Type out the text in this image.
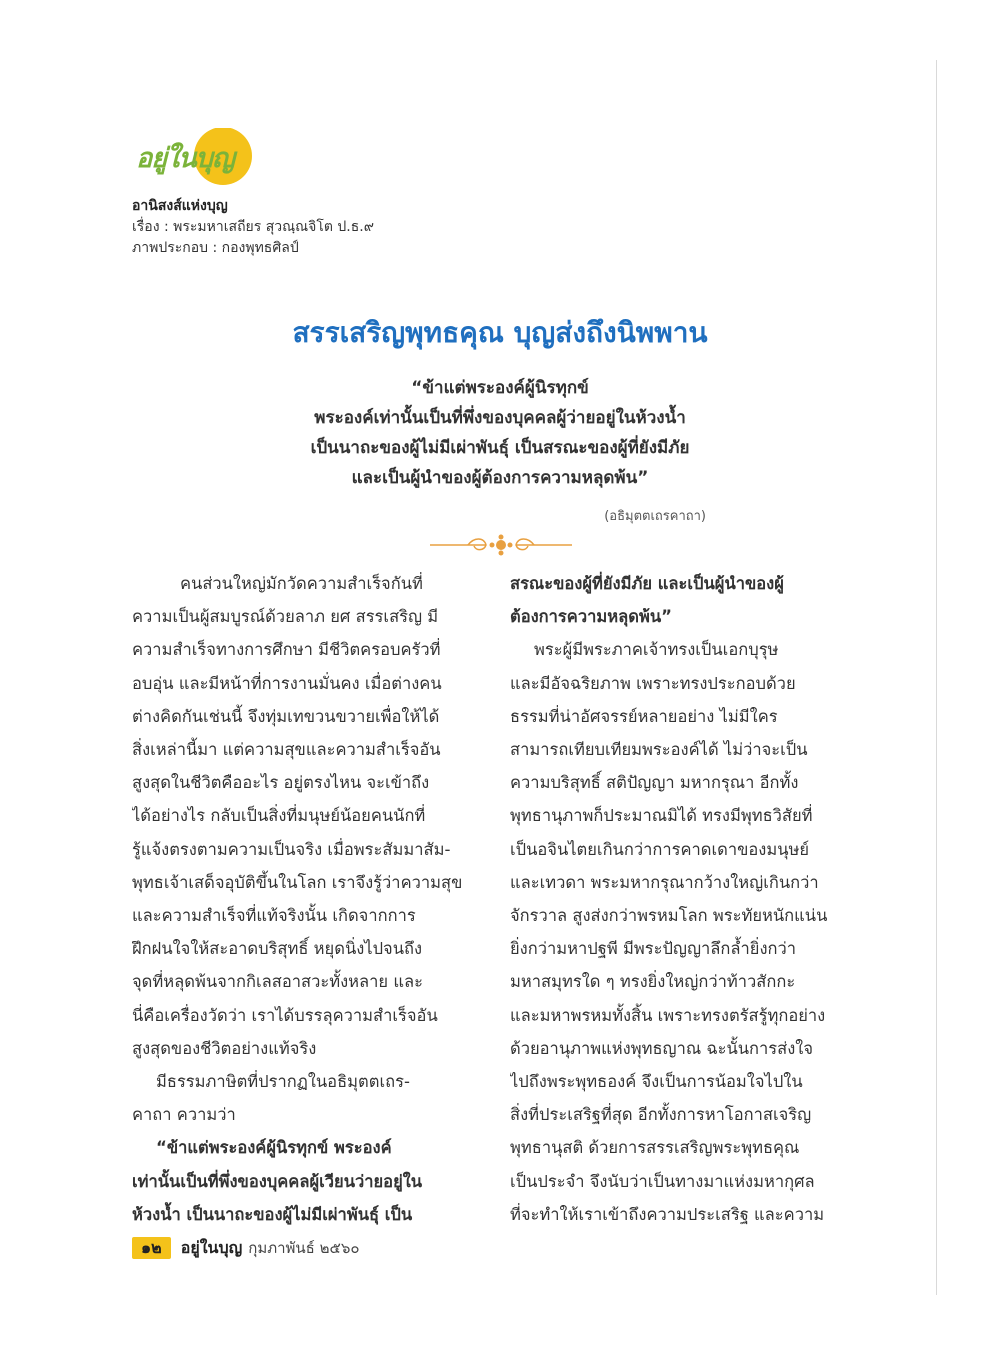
อยู่ในบุญ
อานิสงส์แห่งบุญ
เรื่อง : พระมหาเสถียร สุวณฺณจิโต ป.ธ.๙
ภาพประกอบ : กองพุทธศิลป์
สรรเสริญพุทธคุณ บุญส่งถึงนิพพาน
“ข้าแต่พระองค์ผู้นิรทุกข์
พระองค์เท่านั้นเป็นที่พึ่งของบุคคลผู้ว่ายอยู่ในห้วงน้ำ
เป็นนาถะของผู้ไม่มีเผ่าพันธุ์ เป็นสรณะของผู้ที่ยังมีภัย
และเป็นผู้นำของผู้ต้องการความหลุดพ้น”
(อธิมุตตเถรคาถา)
คนส่วนใหญ่มักวัดความสำเร็จกันที่
ความเป็นผู้สมบูรณ์ด้วยลาภ ยศ สรรเสริญ มี
ความสำเร็จทางการศึกษา มีชีวิตครอบครัวที่
อบอุ่น และมีหน้าที่การงานมั่นคง เมื่อต่างคน
ต่างคิดกันเช่นนี้ จึงทุ่มเทขวนขวายเพื่อให้ได้
สิ่งเหล่านี้มา แต่ความสุขและความสำเร็จอัน
สูงสุดในชีวิตคืออะไร อยู่ตรงไหน จะเข้าถึง
ได้อย่างไร กลับเป็นสิ่งที่มนุษย์น้อยคนนักที่
รู้แจ้งตรงตามความเป็นจริง เมื่อพระสัมมาสัม-
พุทธเจ้าเสด็จอุบัติขึ้นในโลก เราจึงรู้ว่าความสุข
และความสำเร็จที่แท้จริงนั้น เกิดจากการ
ฝึกฝนใจให้สะอาดบริสุทธิ์ หยุดนิ่งไปจนถึง
จุดที่หลุดพ้นจากกิเลสอาสวะทั้งหลาย และ
นี่คือเครื่องวัดว่า เราได้บรรลุความสำเร็จอัน
สูงสุดของชีวิตอย่างแท้จริง
มีธรรมภาษิตที่ปรากฏในอธิมุตตเถร-
คาถา ความว่า
“ข้าแต่พระองค์ผู้นิรทุกข์ พระองค์
เท่านั้นเป็นที่พึ่งของบุคคลผู้เวียนว่ายอยู่ใน
ห้วงน้ำ เป็นนาถะของผู้ไม่มีเผ่าพันธุ์ เป็น
สรณะของผู้ที่ยังมีภัย และเป็นผู้นำของผู้
ต้องการความหลุดพ้น”
พระผู้มีพระภาคเจ้าทรงเป็นเอกบุรุษ
และมีอัจฉริยภาพ เพราะทรงประกอบด้วย
ธรรมที่น่าอัศจรรย์หลายอย่าง ไม่มีใคร
สามารถเทียบเทียมพระองค์ได้ ไม่ว่าจะเป็น
ความบริสุทธิ์ สติปัญญา มหากรุณา อีกทั้ง
พุทธานุภาพก็ประมาณมิได้ ทรงมีพุทธวิสัยที่
เป็นอจินไตยเกินกว่าการคาดเดาของมนุษย์
และเทวดา พระมหากรุณากว้างใหญ่เกินกว่า
จักรวาล สูงส่งกว่าพรหมโลก พระทัยหนักแน่น
ยิ่งกว่ามหาปฐพี มีพระปัญญาลึกล้ำยิ่งกว่า
มหาสมุทรใด ๆ ทรงยิ่งใหญ่กว่าท้าวสักกะ
และมหาพรหมทั้งสิ้น เพราะทรงตรัสรู้ทุกอย่าง
ด้วยอานุภาพแห่งพุทธญาณ ฉะนั้นการส่งใจ
ไปถึงพระพุทธองค์ จึงเป็นการน้อมใจไปใน
สิ่งที่ประเสริฐที่สุด อีกทั้งการหาโอกาสเจริญ
พุทธานุสติ ด้วยการสรรเสริญพระพุทธคุณ
เป็นประจำ จึงนับว่าเป็นทางมาแห่งมหากุศล
ที่จะทำให้เราเข้าถึงความประเสริฐ และความ
๑๒	อยู่ในบุญ กุมภาพันธ์ ๒๕๖๐
